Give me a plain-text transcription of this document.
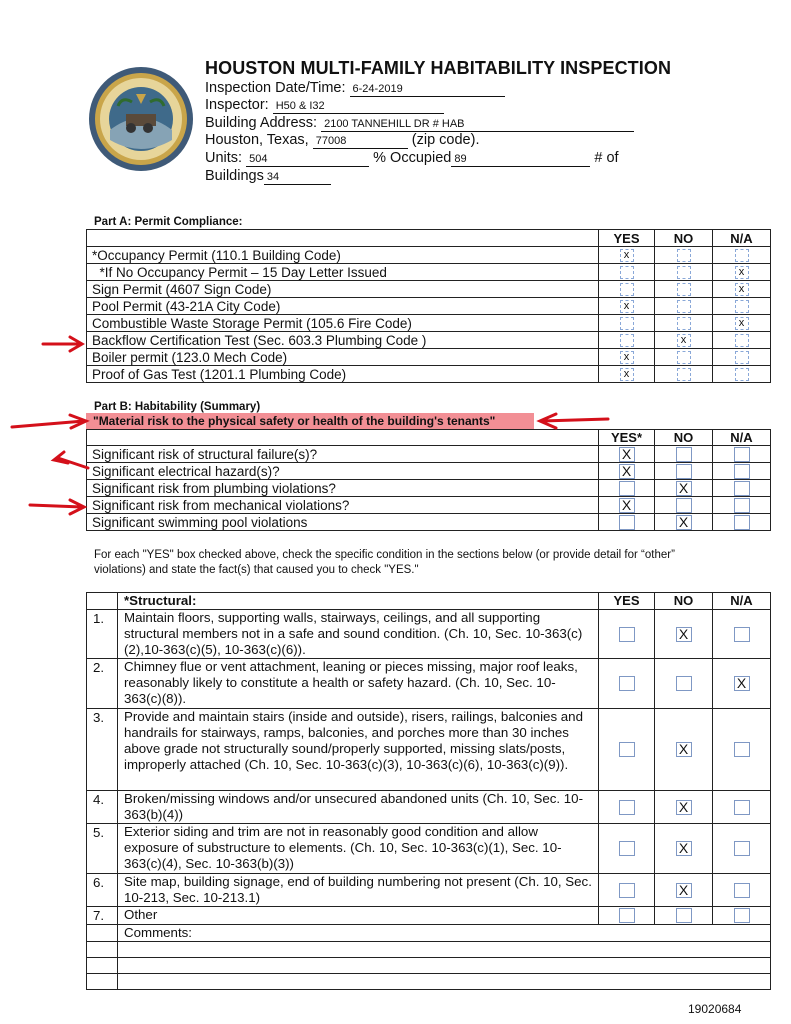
HOUSTON MULTI-FAMILY HABITABILITY INSPECTION
Inspection Date/Time: 6-24-2019
Inspector: H50 & I32
Building Address: 2100 TANNEHILL DR # HAB
Houston, Texas, 77008	(zip code).
Units: 504	% Occupied 89	# of
Buildings 34
Part A: Permit Compliance:
	YES	NO	N/A
*Occupancy Permit (110.1 Building Code)	x		
*If No Occupancy Permit – 15 Day Letter Issued			x
Sign Permit (4607 Sign Code)			x
Pool Permit (43-21A City Code)	x		
Combustible Waste Storage Permit (105.6 Fire Code)			x
Backflow Certification Test (Sec. 603.3 Plumbing Code )		x	
Boiler permit (123.0 Mech Code)	x		
Proof of Gas Test (1201.1 Plumbing Code)	x		
Part B: Habitability (Summary)
"Material risk to the physical safety or health of the building's tenants"
	YES*	NO	N/A
Significant risk of structural failure(s)?	X		
Significant electrical hazard(s)?	X		
Significant risk from plumbing violations?		X	
Significant risk from mechanical violations?	X		
Significant swimming pool violations		X	
For each "YES" box checked above, check the specific condition in the sections below (or provide detail for “other” violations) and state the fact(s) that caused you to check "YES."
	*Structural:	YES	NO	N/A
1.	Maintain floors, supporting walls, stairways, ceilings, and all supporting structural members not in a safe and sound condition. (Ch. 10, Sec. 10-363(c)(2),10-363(c)(5), 10-363(c)(6)).		X	
2.	Chimney flue or vent attachment, leaning or pieces missing, major roof leaks, reasonably likely to constitute a health or safety hazard. (Ch. 10, Sec. 10-363(c)(8)).			X
3.	Provide and maintain stairs (inside and outside), risers, railings, balconies and handrails for stairways, ramps, balconies, and porches more than 30 inches above grade not structurally sound/properly supported, missing slats/posts, improperly attached (Ch. 10, Sec. 10-363(c)(3), 10-363(c)(6), 10-363(c)(9)).		X	
4.	Broken/missing windows and/or unsecured abandoned units (Ch. 10, Sec. 10-363(b)(4))		X	
5.	Exterior siding and trim are not in reasonably good condition and allow exposure of substructure to elements. (Ch. 10, Sec. 10-363(c)(1), Sec. 10-363(c)(4), Sec. 10-363(b)(3))		X	
6.	Site map, building signage, end of building numbering not present (Ch. 10, Sec. 10-213, Sec. 10-213.1)		X	
7.	Other			
	Comments:			

19020684
